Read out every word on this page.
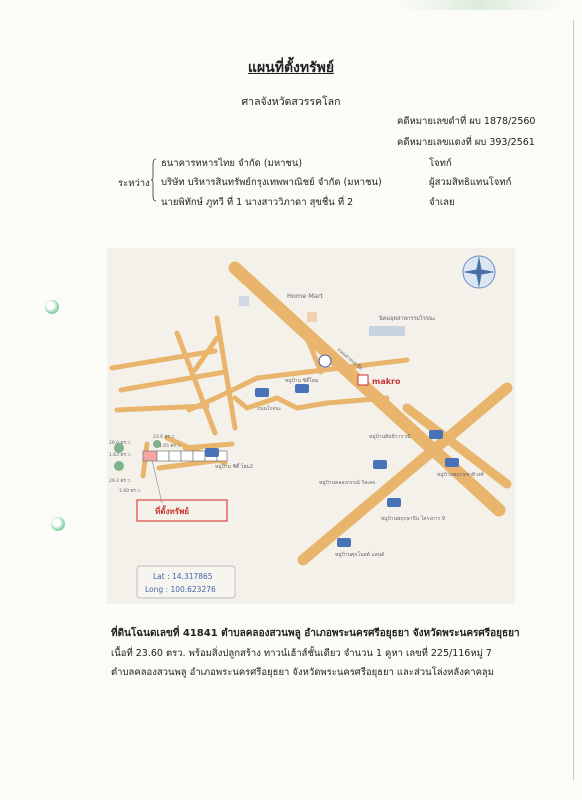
แผนที่ตั้งทรัพย์
ศาลจังหวัดสวรรคโลก
คดีหมายเลขดำที่ ผบ 1878/2560
คดีหมายเลขแดงที่ ผบ 393/2561
ระหว่าง
ธนาคารทหารไทย จำกัด (มหาชน)	โจทก์
บริษัท บริหารสินทรัพย์กรุงเทพพาณิชย์ จำกัด (มหาชน)	ผู้สวมสิทธิแทนโจทก์
นายพิทักษ์ ภูทวี ที่ 1 นางสาววิภาดา สุขชื่น ที่ 2	จำเลย
Home Mart
นิคมอุตสาหกรรมโรจนะ
makro
หมู่บ้าน ซิตี้โฮม
หมู่บ้าน ซิตี้ โฮม2
หมู่บ้านสินทิวาราณี
หมู่บ้านพฤกษชาติวงศ์
หมู่บ้านคลองกรรณ์ วิลเลจ
หมู่บ้านพฤกษาบีน โครงการ 9
หมู่บ้านศุภโนสต์ แลนด์
ถนนโรจนะ
ถนนสายเอเชีย
29.0 ตร.ว.
1.63 ตร.ว.
23.6 ตร.ว.
1.65 ตร.ว.
29.2 ตร.ว.
1.60 ตร.ว.
ที่ตั้งทรัพย์
Lat : 14.317865
Long : 100.623276
ที่ดินโฉนดเลขที่ 41841 ตำบลคลองสวนพลู อำเภอพระนครศรีอยุธยา จังหวัดพระนครศรีอยุธยา
เนื้อที่ 23.60 ตรว. พร้อมสิ่งปลูกสร้าง ทาวน์เฮ้าส์ชั้นเดียว จำนวน 1 คูหา เลขที่ 225/116หมู่ 7
ตำบลคลองสวนพลู อำเภอพระนครศรีอยุธยา จังหวัดพระนครศรีอยุธยา และส่วนโล่งหลังคาคลุม
